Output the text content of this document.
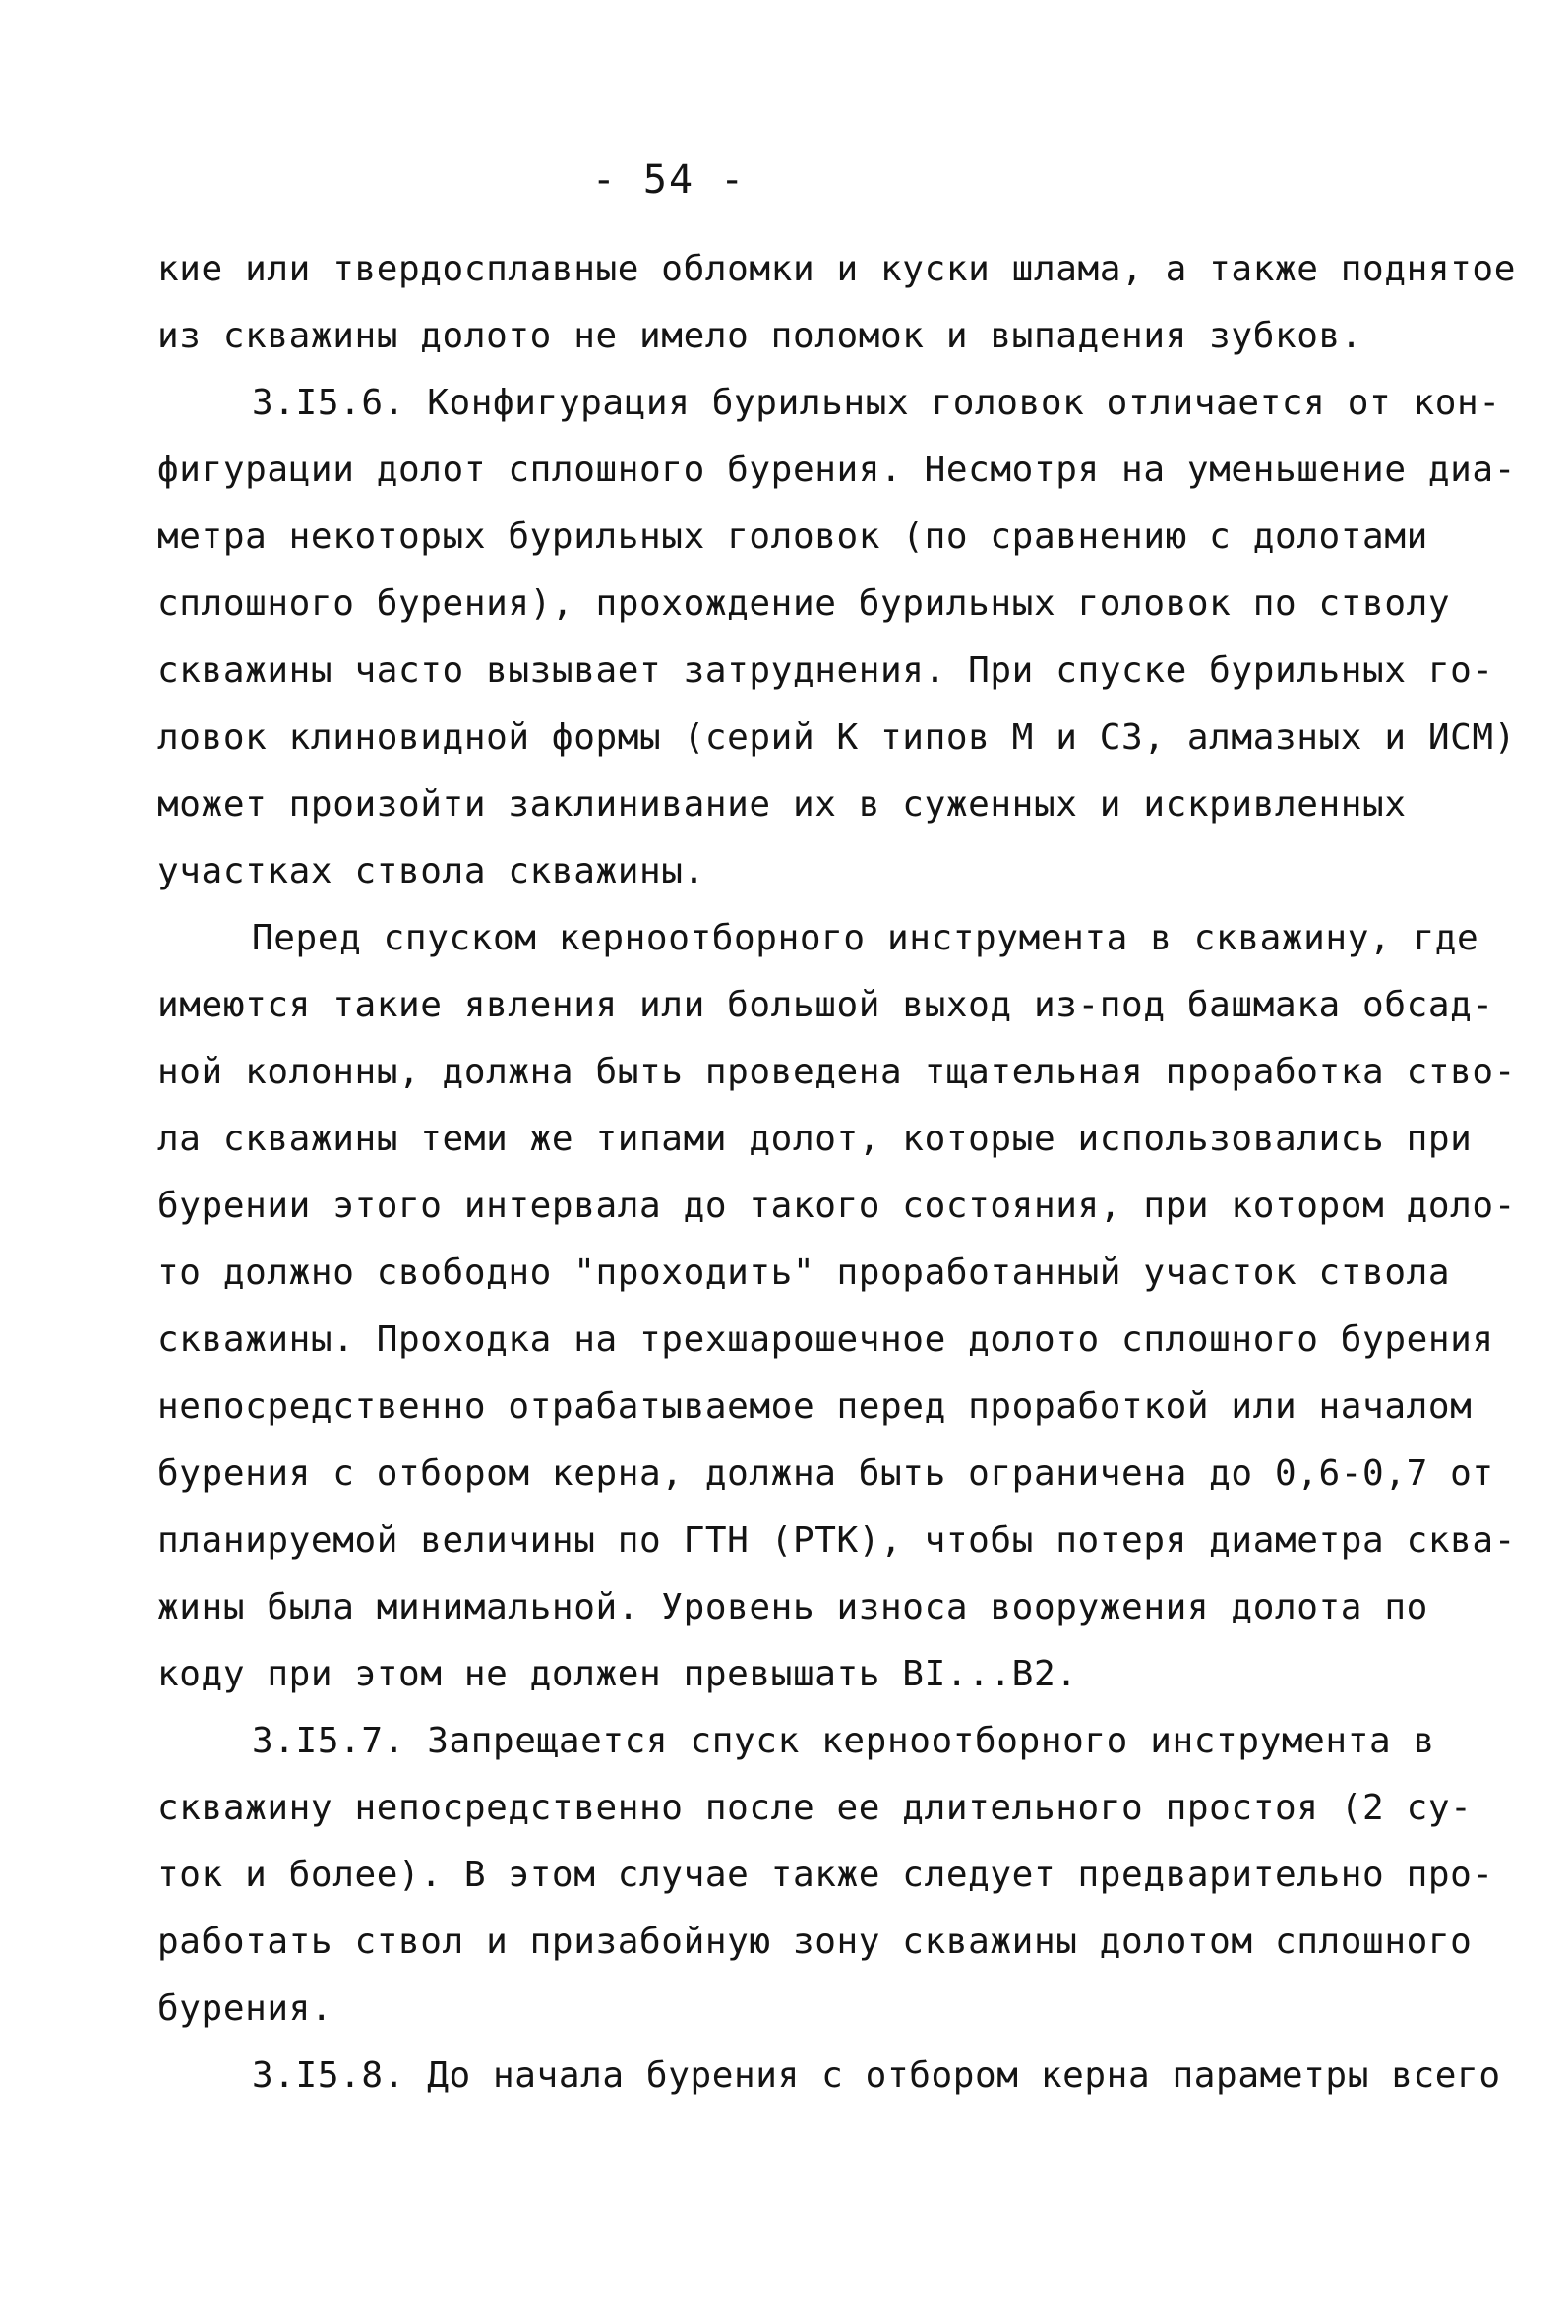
- 54 -
кие или твердосплавные обломки и куски шлама, а также поднятое
из скважины долото не имело поломок и выпадения зубков.
3.I5.6. Конфигурация бурильных головок отличается от кон-
фигурации долот сплошного бурения. Несмотря на уменьшение диа-
метра некоторых бурильных головок (по сравнению с долотами
сплошного бурения), прохождение бурильных головок по стволу
скважины часто вызывает затруднения. При спуске бурильных го-
ловок клиновидной формы (серий К типов М и СЗ, алмазных и ИСМ)
может произойти заклинивание их в суженных и искривленных
участках ствола скважины.
Перед спуском керноотборного инструмента в скважину, где
имеются такие явления или большой выход из-под башмака обсад-
ной колонны, должна быть проведена тщательная проработка ство-
ла скважины теми же типами долот, которые использовались при
бурении этого интервала до такого состояния, при котором доло-
то должно свободно "проходить" проработанный участок ствола
скважины. Проходка на трехшарошечное долото сплошного бурения
непосредственно отрабатываемое перед проработкой или началом
бурения с отбором керна, должна быть ограничена до 0,6-0,7 от
планируемой величины по ГТН (РТК), чтобы потеря диаметра сква-
жины была минимальной. Уровень износа вооружения долота по
коду при этом не должен превышать ВI...В2.
3.I5.7. Запрещается спуск керноотборного инструмента в
скважину непосредственно после ее длительного простоя (2 су-
ток и более). В этом случае также следует предварительно про-
работать ствол и призабойную зону скважины долотом сплошного
бурения.
3.I5.8. До начала бурения с отбором керна параметры всего
